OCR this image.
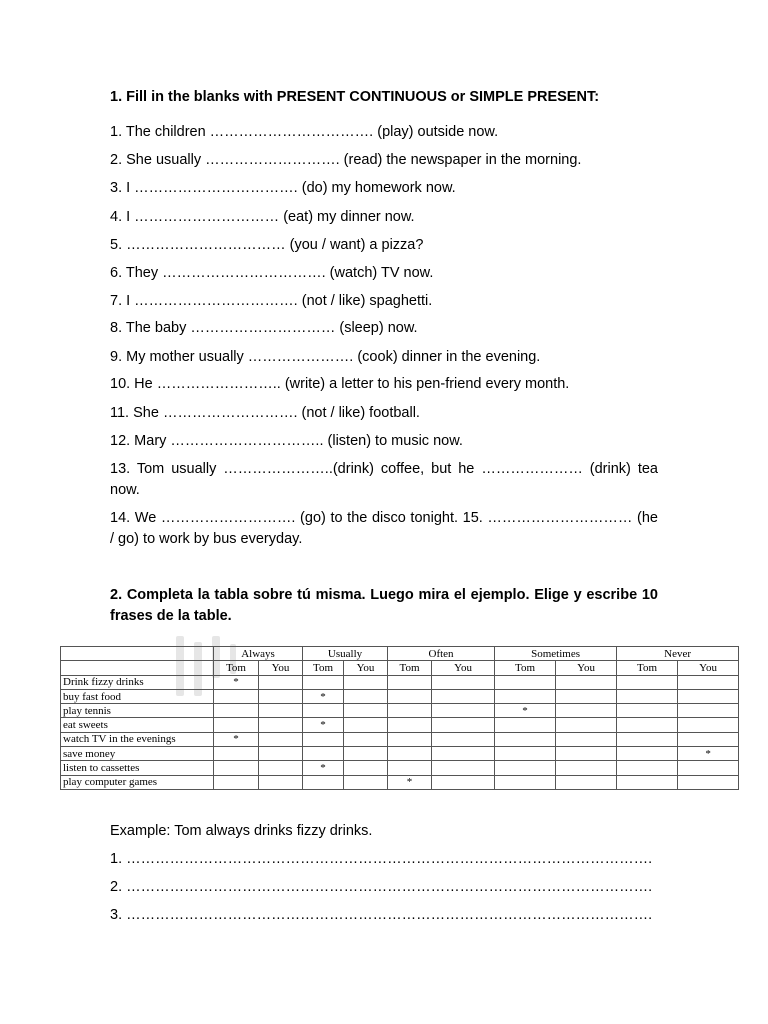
1. Fill in the blanks with PRESENT CONTINUOUS or SIMPLE PRESENT:
1. The children ……………………………. (play) outside now.
2. She usually ………………………. (read) the newspaper in the morning.
3. I ……………………………. (do) my homework now.
4. I ………………………… (eat) my dinner now.
5. …………………………… (you / want) a pizza?
6. They ……………………………. (watch) TV now.
7. I ……………………………. (not / like) spaghetti.
8. The baby ………………………… (sleep) now.
9. My mother usually …………………. (cook) dinner in the evening.
10. He …………………….. (write) a letter to his pen-friend every month.
11. She ………………………. (not / like) football.
12. Mary ………………………….. (listen) to music now.
13. Tom usually …………………..(drink) coffee, but he ………………… (drink) tea now.
14. We ………………………. (go) to the disco tonight. 15. ………………………… (he / go) to work by bus everyday.
2. Completa la tabla sobre tú misma. Luego mira el ejemplo. Elige y escribe 10 frases de la table.
	Always		Usually		Often		Sometimes		Never	
	Tom	You	Tom	You	Tom	You	Tom	You	Tom	You
Drink fizzy drinks	*									
buy fast food			*							
play tennis							*			
eat sweets			*							
watch TV in the evenings	*									
save money										*
listen to cassettes			*							
play computer games					*					
Example: Tom always drinks fizzy drinks.
1. ……………………………………………………………………………………………….
2. ……………………………………………………………………………………………….
3. ……………………………………………………………………………………………….
